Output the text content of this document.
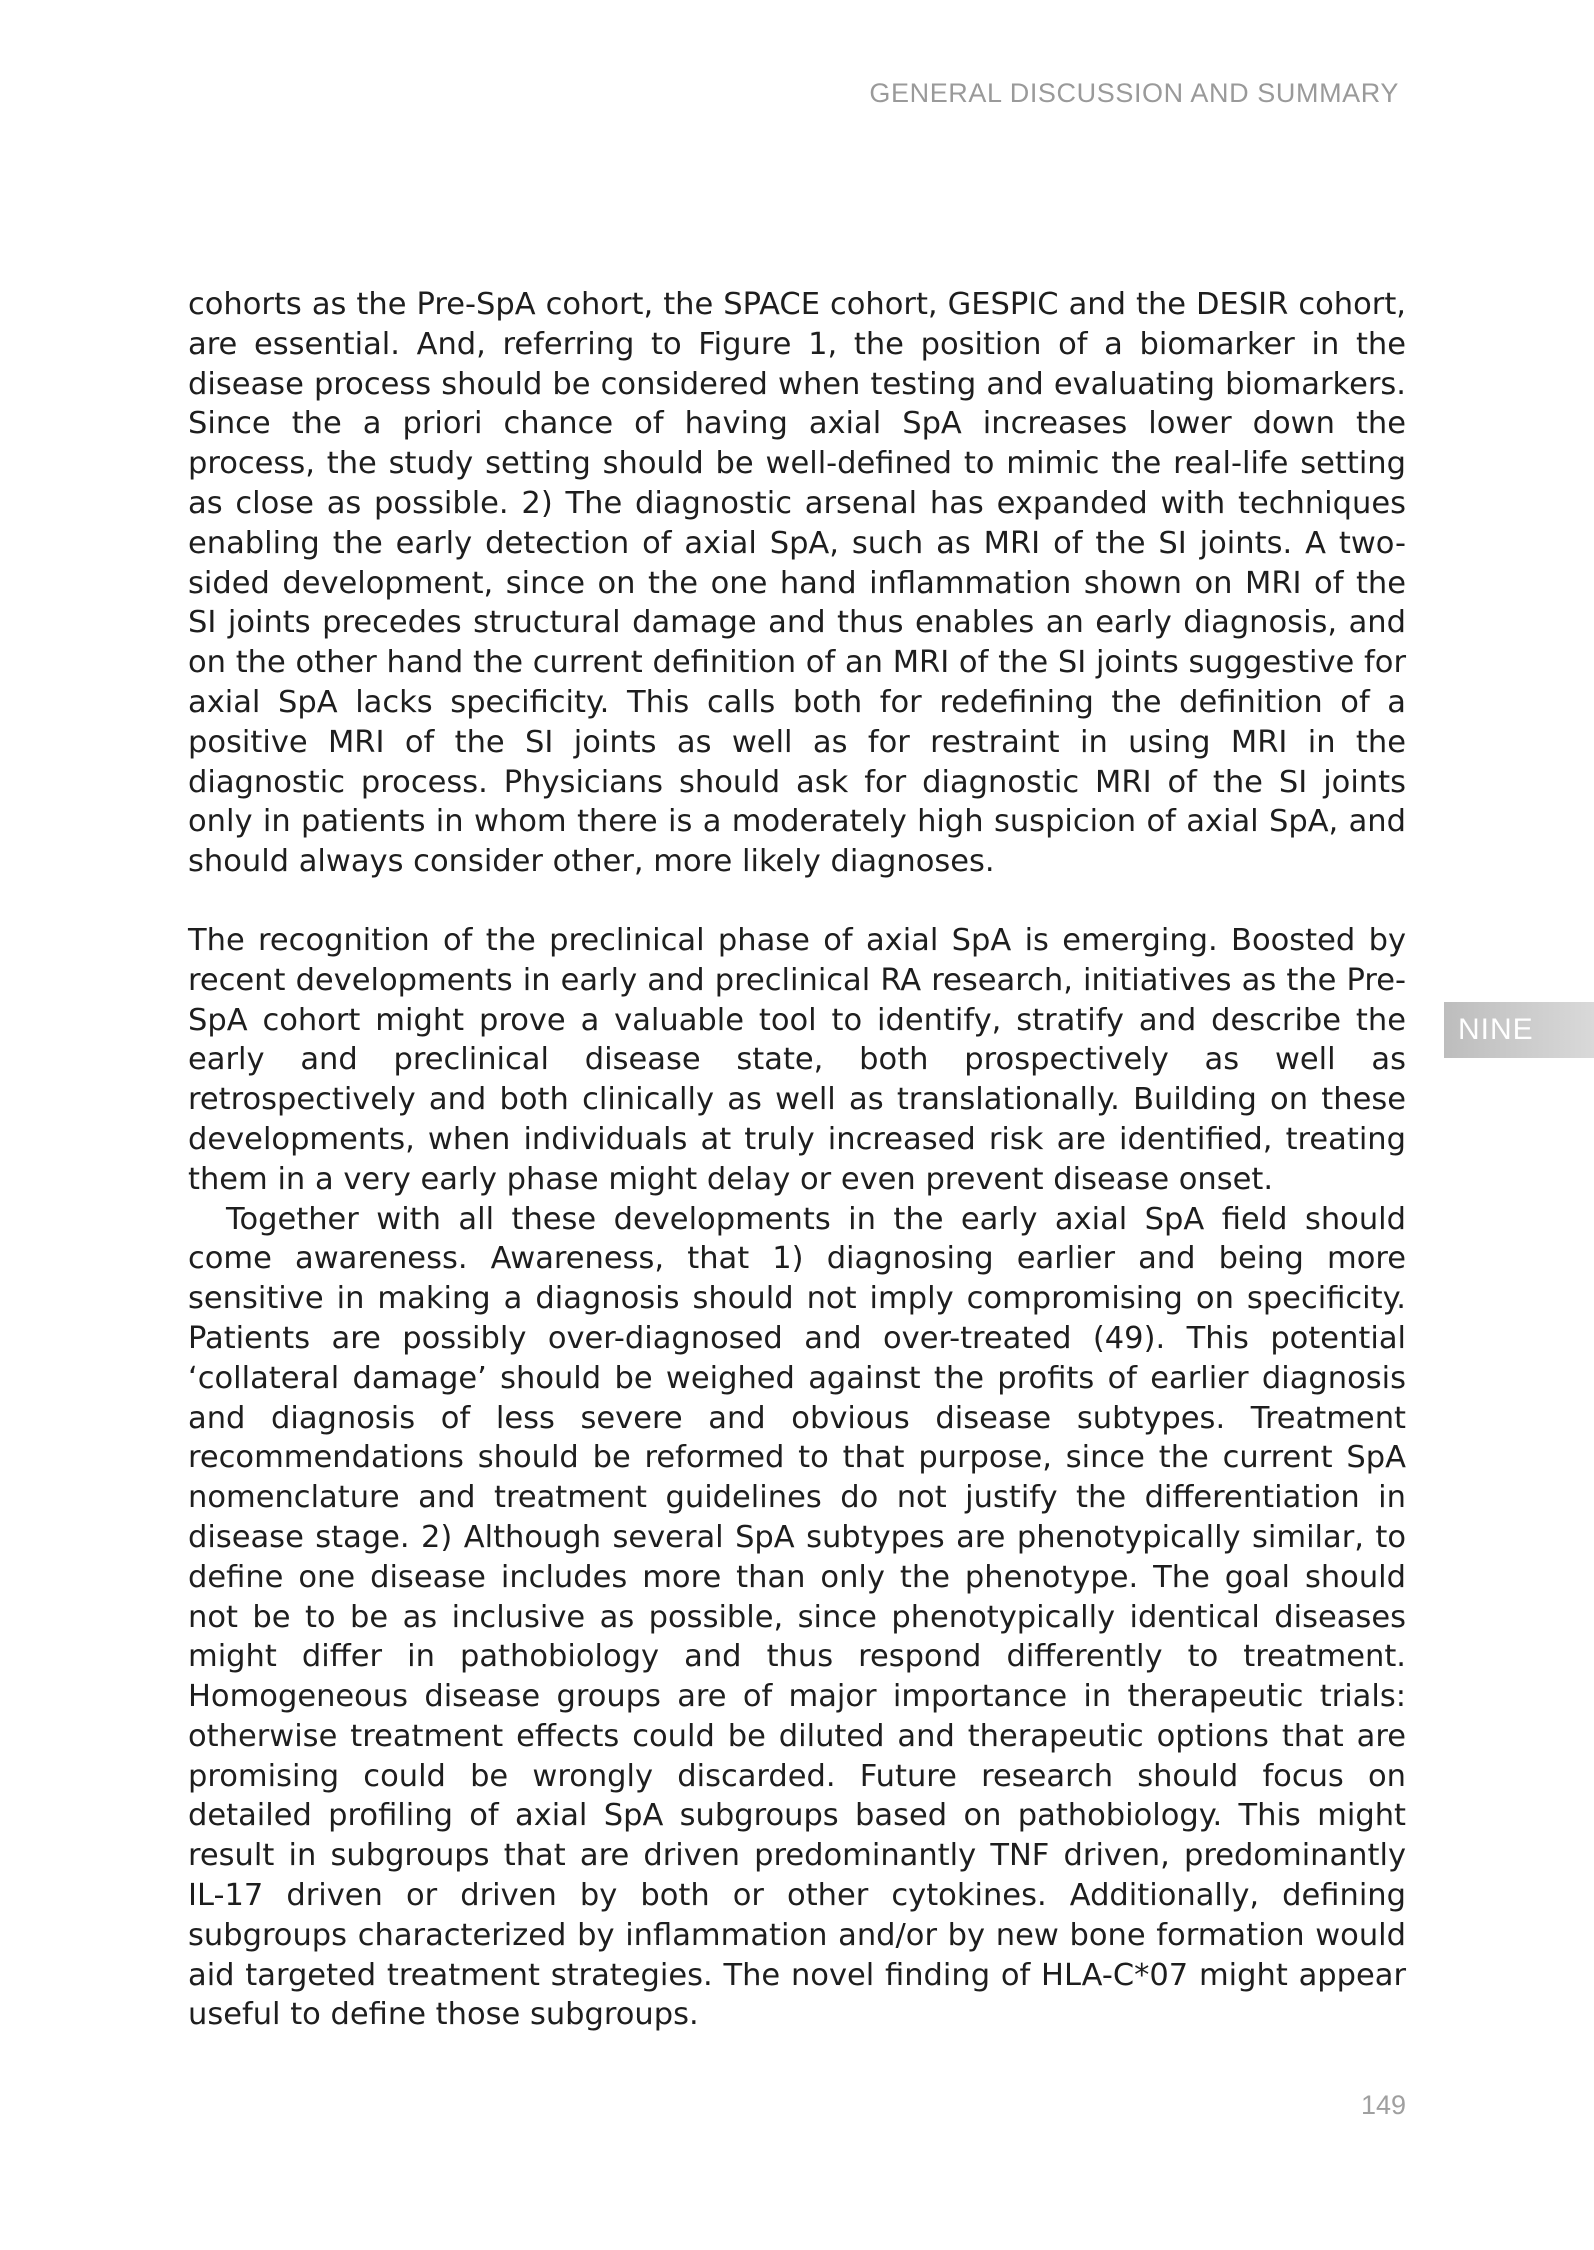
GENERAL DISCUSSION AND SUMMARY

cohorts as the Pre-SpA cohort, the SPACE cohort, GESPIC and the DESIR cohort, are essential. And, referring to Figure 1, the position of a biomarker in the disease process should be considered when testing and evaluating biomarkers. Since the a priori chance of having axial SpA increases lower down the process, the study setting should be well-defined to mimic the real-life setting as close as possible. 2) The diagnostic arsenal has expanded with techniques enabling the early detection of axial SpA, such as MRI of the SI joints. A two-sided development, since on the one hand inflammation shown on MRI of the SI joints precedes structural damage and thus enables an early diagnosis, and on the other hand the current definition of an MRI of the SI joints suggestive for axial SpA lacks specificity. This calls both for redefining the definition of a positive MRI of the SI joints as well as for restraint in using MRI in the diagnostic process. Physicians should ask for diagnostic MRI of the SI joints only in patients in whom there is a moderately high suspicion of axial SpA, and should always consider other, more likely diagnoses.

The recognition of the preclinical phase of axial SpA is emerging. Boosted by recent developments in early and preclinical RA research, initiatives as the Pre-SpA cohort might prove a valuable tool to identify, stratify and describe the early and preclinical disease state, both prospectively as well as retrospectively and both clinically as well as translationally. Building on these developments, when individuals at truly increased risk are identified, treating them in a very early phase might delay or even prevent disease onset.

Together with all these developments in the early axial SpA field should come awareness. Awareness, that 1) diagnosing earlier and being more sensitive in making a diagnosis should not imply compromising on specificity. Patients are possibly over-diagnosed and over-treated (49). This potential ‘collateral damage’ should be weighed against the profits of earlier diagnosis and diagnosis of less severe and obvious disease subtypes. Treatment recommendations should be reformed to that purpose, since the current SpA nomenclature and treatment guidelines do not justify the differentiation in disease stage. 2) Although several SpA subtypes are phenotypically similar, to define one disease includes more than only the phenotype. The goal should not be to be as inclusive as possible, since phenotypically identical diseases might differ in pathobiology and thus respond differently to treatment. Homogeneous disease groups are of major importance in therapeutic trials: otherwise treatment effects could be diluted and therapeutic options that are promising could be wrongly discarded. Future research should focus on detailed profiling of axial SpA subgroups based on pathobiology. This might result in subgroups that are driven predominantly TNF driven, predominantly IL-17 driven or driven by both or other cytokines. Additionally, defining subgroups characterized by inflammation and/or by new bone formation would aid targeted treatment strategies. The novel finding of HLA-C*07 might appear useful to define those subgroups.

NINE
149
